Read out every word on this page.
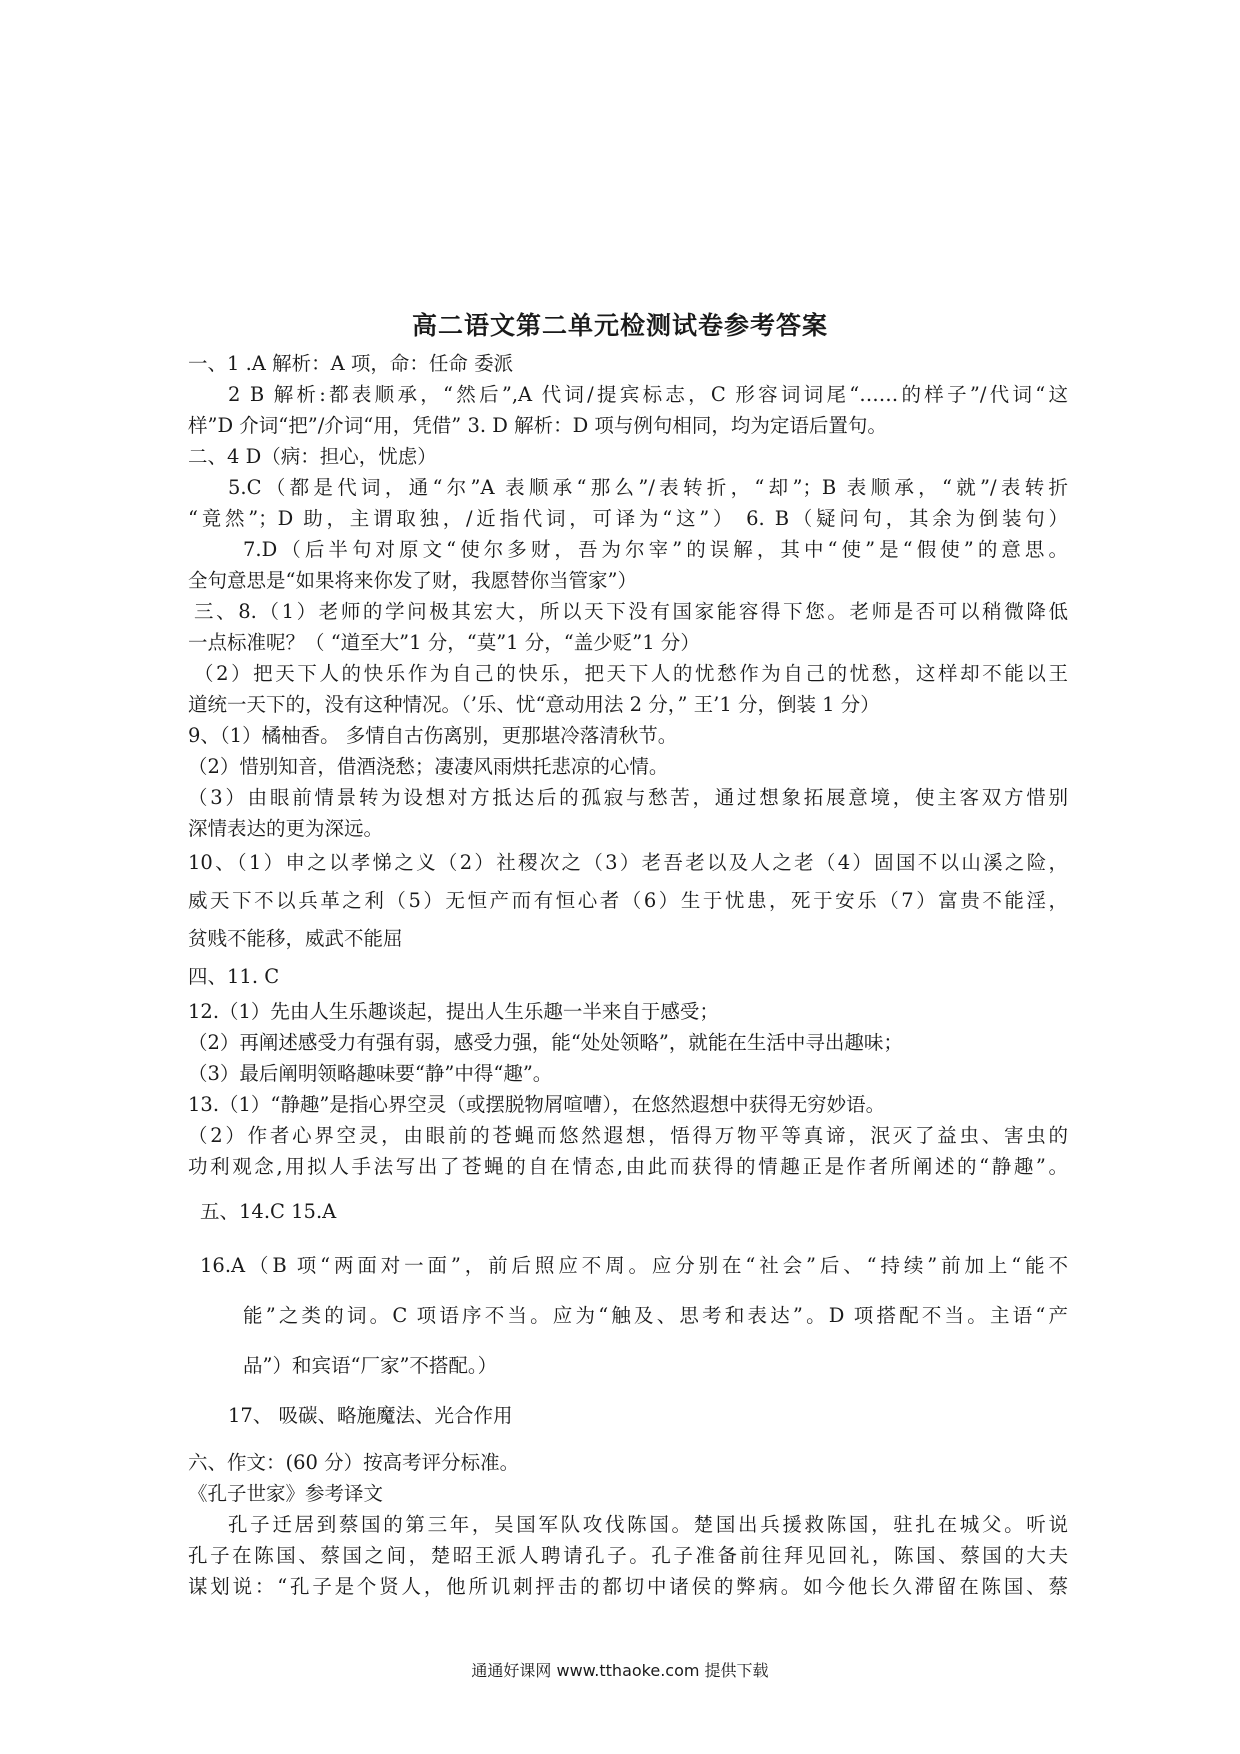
高二语文第二单元检测试卷参考答案
一、1 .A 解析：A 项，命：任命 委派
2 B 解析:都表顺承，“然后”,A 代词/提宾标志，C 形容词词尾“……的样子”/代词“这
样”D 介词“把”/介词“用，凭借” 3. D 解析：D 项与例句相同，均为定语后置句。
二、4 D（病：担心，忧虑）
5.C（都是代词，通“尔”A 表顺承“那么”/表转折，“却”；B 表顺承，“就”/表转折
“竟然”；D 助，主谓取独，/近指代词，可译为“这”） 6. B（疑问句，其余为倒装句）
7.D（后半句对原文“使尔多财，吾为尔宰”的误解，其中“使”是“假使”的意思。
全句意思是“如果将来你发了财，我愿替你当管家”）
三、8.（1）老师的学问极其宏大，所以天下没有国家能容得下您。老师是否可以稍微降低
一点标准呢？（ “道至大”1 分，“莫”1 分，“盖少贬”1 分）
（2）把天下人的快乐作为自己的快乐，把天下人的忧愁作为自己的忧愁，这样却不能以王
道统一天下的，没有这种情况。（’乐、忧“意动用法 2 分，” 王’1 分，倒装 1 分）
9、（1）橘柚香。 多情自古伤离别，更那堪冷落清秋节。
（2）惜别知音，借酒浇愁；凄凄风雨烘托悲凉的心情。
（3）由眼前情景转为设想对方抵达后的孤寂与愁苦，通过想象拓展意境，使主客双方惜别
深情表达的更为深远。
10、（1）申之以孝悌之义（2）社稷次之（3）老吾老以及人之老（4）固国不以山溪之险，
威天下不以兵革之利（5）无恒产而有恒心者（6）生于忧患，死于安乐（7）富贵不能淫，
贫贱不能移，威武不能屈
四、11. C
12.（1）先由人生乐趣谈起，提出人生乐趣一半来自于感受；
（2）再阐述感受力有强有弱，感受力强，能“处处领略”，就能在生活中寻出趣味；
（3）最后阐明领略趣味要“静”中得“趣”。
13.（1）“静趣”是指心界空灵（或摆脱物屑喧嘈），在悠然遐想中获得无穷妙语。
（2）作者心界空灵，由眼前的苍蝇而悠然遐想，悟得万物平等真谛，泯灭了益虫、害虫的
功利观念,用拟人手法写出了苍蝇的自在情态,由此而获得的情趣正是作者所阐述的“静趣”。
五、14.C 15.A
16.A（B 项“两面对一面”，前后照应不周。应分别在“社会”后、“持续”前加上“能不
能”之类的词。C 项语序不当。应为“触及、思考和表达”。D 项搭配不当。主语“产
品”）和宾语“厂家”不搭配。）
17、 吸碳、略施魔法、光合作用
六、作文：(60 分）按高考评分标准。
《孔子世家》参考译文
孔子迁居到蔡国的第三年，吴国军队攻伐陈国。楚国出兵援救陈国，驻扎在城父。听说
孔子在陈国、蔡国之间，楚昭王派人聘请孔子。孔子准备前往拜见回礼，陈国、蔡国的大夫
谋划说：“孔子是个贤人，他所讥刺抨击的都切中诸侯的弊病。如今他长久滞留在陈国、蔡
通通好课网 www.tthaoke.com 提供下载
